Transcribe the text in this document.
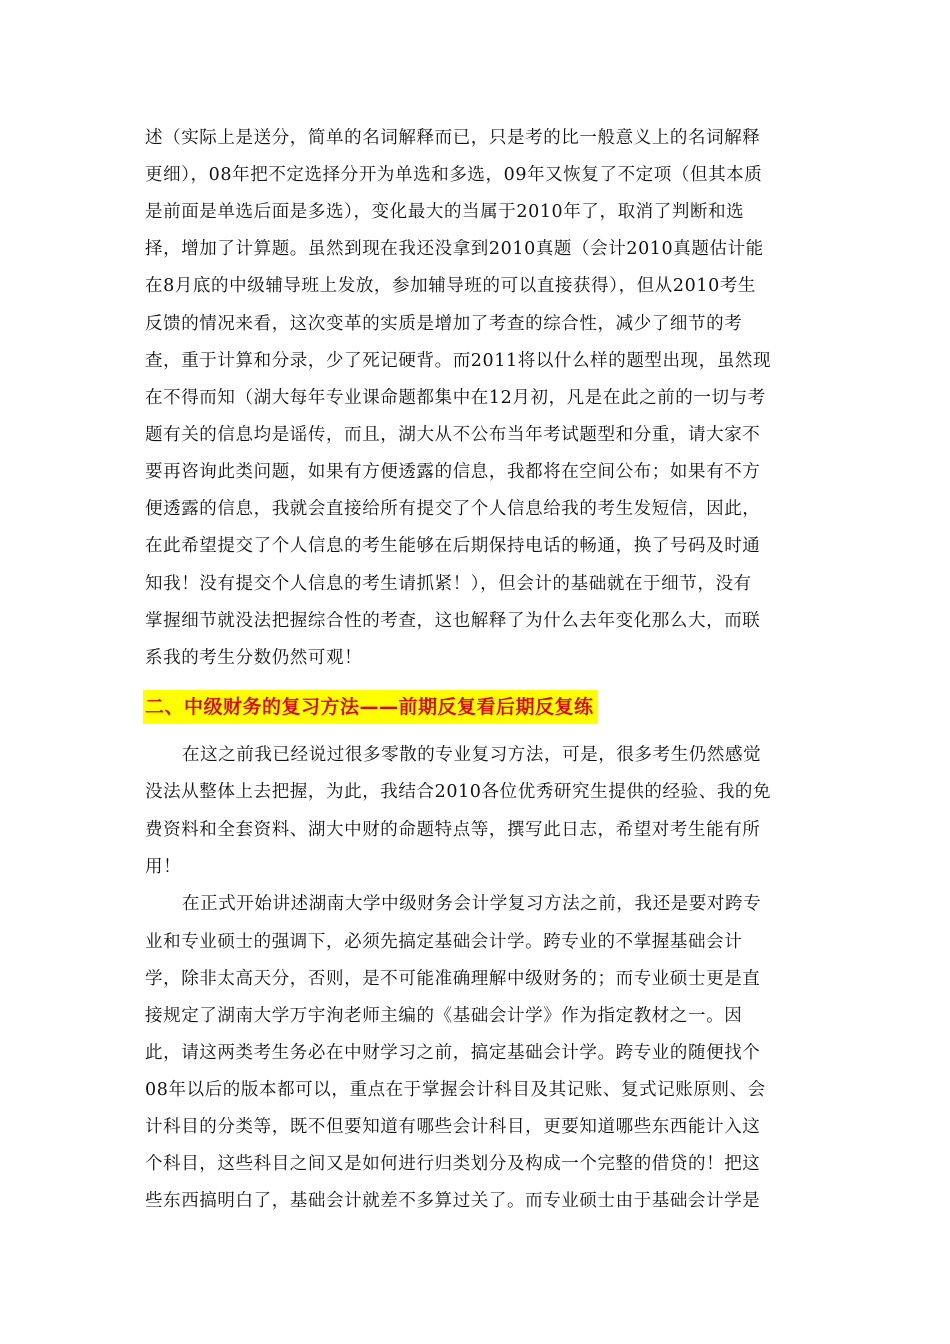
述（实际上是送分，简单的名词解释而已，只是考的比一般意义上的名词解释
更细），08年把不定选择分开为单选和多选，09年又恢复了不定项（但其本质
是前面是单选后面是多选），变化最大的当属于2010年了，取消了判断和选
择，增加了计算题。虽然到现在我还没拿到2010真题（会计2010真题估计能
在8月底的中级辅导班上发放，参加辅导班的可以直接获得），但从2010考生
反馈的情况来看，这次变革的实质是增加了考查的综合性，减少了细节的考
查，重于计算和分录，少了死记硬背。而2011将以什么样的题型出现，虽然现
在不得而知（湖大每年专业课命题都集中在12月初，凡是在此之前的一切与考
题有关的信息均是谣传，而且，湖大从不公布当年考试题型和分重，请大家不
要再咨询此类问题，如果有方便透露的信息，我都将在空间公布；如果有不方
便透露的信息，我就会直接给所有提交了个人信息给我的考生发短信，因此，
在此希望提交了个人信息的考生能够在后期保持电话的畅通，换了号码及时通
知我！没有提交个人信息的考生请抓紧！），但会计的基础就在于细节，没有
掌握细节就没法把握综合性的考查，这也解释了为什么去年变化那么大，而联
系我的考生分数仍然可观！
二、中级财务的复习方法——前期反复看后期反复练
在这之前我已经说过很多零散的专业复习方法，可是，很多考生仍然感觉
没法从整体上去把握，为此，我结合2010各位优秀研究生提供的经验、我的免
费资料和全套资料、湖大中财的命题特点等，撰写此日志，希望对考生能有所
用！
在正式开始讲述湖南大学中级财务会计学复习方法之前，我还是要对跨专
业和专业硕士的强调下，必须先搞定基础会计学。跨专业的不掌握基础会计
学，除非太高天分，否则，是不可能准确理解中级财务的；而专业硕士更是直
接规定了湖南大学万宇洵老师主编的《基础会计学》作为指定教材之一。因
此，请这两类考生务必在中财学习之前，搞定基础会计学。跨专业的随便找个
08年以后的版本都可以，重点在于掌握会计科目及其记账、复式记账原则、会
计科目的分类等，既不但要知道有哪些会计科目，更要知道哪些东西能计入这
个科目，这些科目之间又是如何进行归类划分及构成一个完整的借贷的！把这
些东西搞明白了，基础会计就差不多算过关了。而专业硕士由于基础会计学是
